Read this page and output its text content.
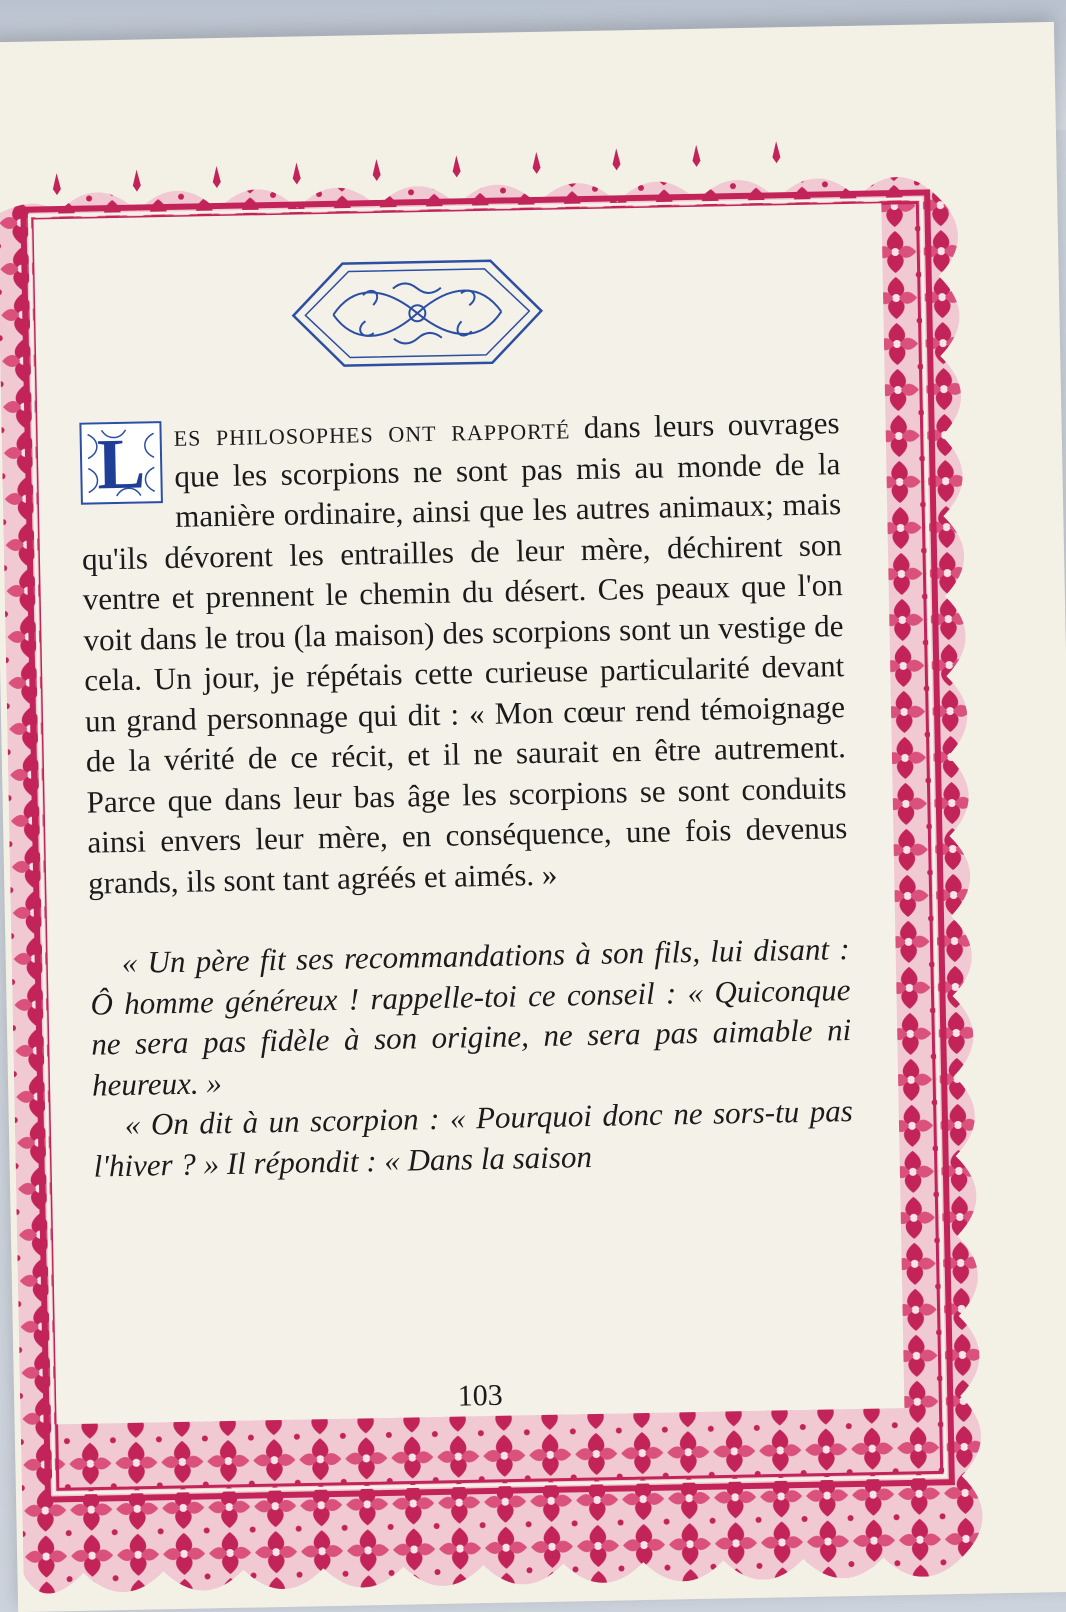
L es philosophes ont rapporté dans leurs ouvrages que les scorpions ne sont pas mis au monde de la manière ordinaire, ainsi que les autres animaux; mais qu'ils dévorent les entrailles de leur mère, déchirent son ventre et prennent le chemin du désert. Ces peaux que l'on voit dans le trou (la maison) des scorpions sont un vestige de cela. Un jour, je répétais cette curieuse particularité devant un grand personnage qui dit : « Mon cœur rend témoignage de la vérité de ce récit, et il ne saurait en être autrement. Parce que dans leur bas âge les scorpions se sont conduits ainsi envers leur mère, en conséquence, une fois devenus grands, ils sont tant agréés et aimés. »
« Un père fit ses recommandations à son fils, lui disant : Ô homme généreux ! rappelle-toi ce conseil : « Quiconque ne sera pas fidèle à son origine, ne sera pas aimable ni heureux. »
« On dit à un scorpion : « Pourquoi donc ne sors-tu pas l'hiver ? » Il répondit : « Dans la saison
103
